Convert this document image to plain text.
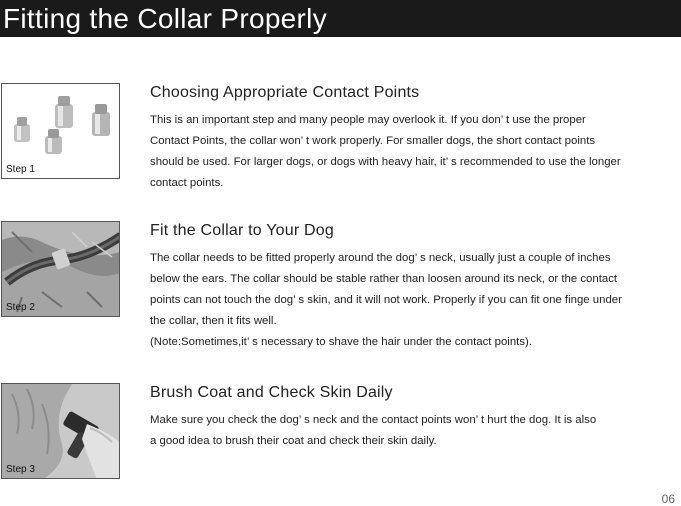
Fitting the Collar Properly
Step 1
Choosing Appropriate Contact Points

This is an important step and many people may overlook it. If you don’ t use the proper

Contact Points, the collar won’ t work properly. For smaller dogs, the short contact points

should be used. For larger dogs, or dogs with heavy hair, it’ s recommended to use the longer

contact points.

Step 2
Fit the Collar to Your Dog

The collar needs to be fitted properly around the dog’ s neck, usually just a couple of inches

below the ears. The collar should be stable rather than loosen around its neck, or the contact

points can not touch the dog’ s skin, and it will not work. Properly if you can fit one finge under

the collar, then it fits well.

(Note:Sometimes,it’ s necessary to shave the hair under the contact points).

Step 3
Brush Coat and Check Skin Daily

Make sure you check the dog’ s neck and the contact points won’ t hurt the dog. It is also

a good idea to brush their coat and check their skin daily.

06
